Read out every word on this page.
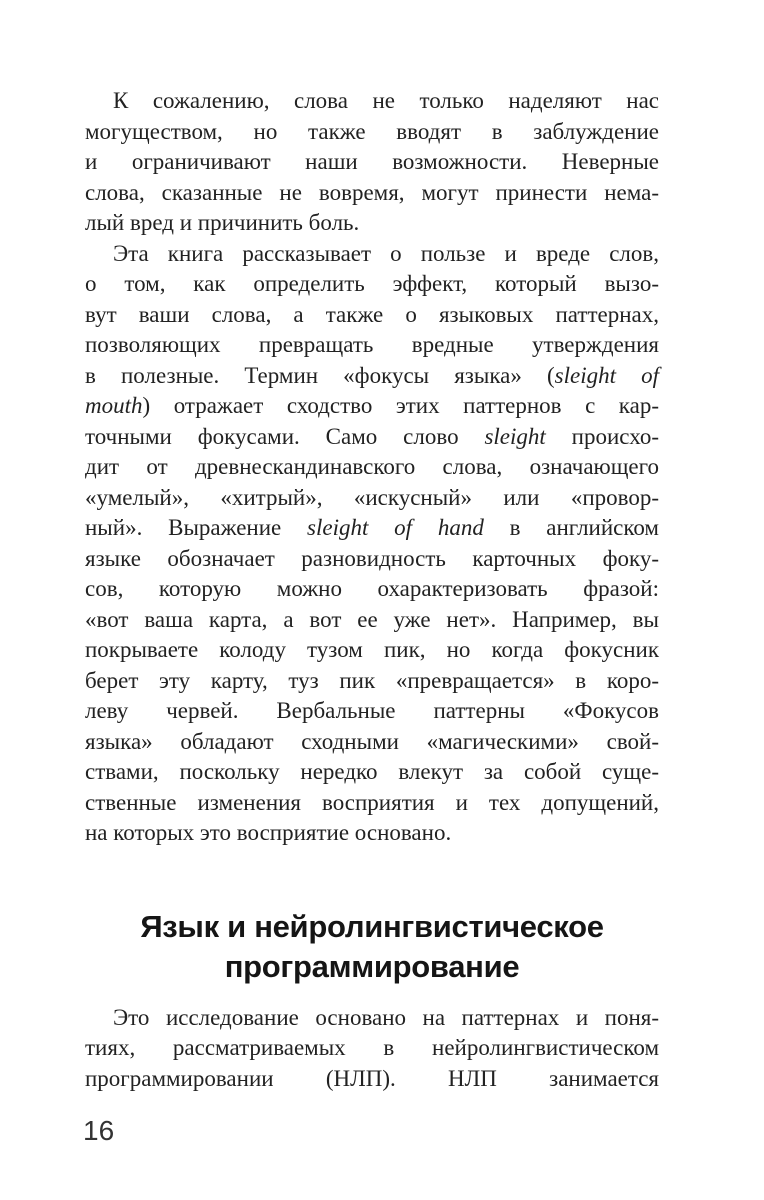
К сожалению, слова не только наделяют нас
могуществом, но также вводят в заблуждение
и ограничивают наши возможности. Неверные
слова, сказанные не вовремя, могут принести нема-
лый вред и причинить боль.
Эта книга рассказывает о пользе и вреде слов,
о том, как определить эффект, который вызо-
вут ваши слова, а также о языковых паттернах,
позволяющих превращать вредные утверждения
в полезные. Термин «фокусы языка» (sleight of
mouth) отражает сходство этих паттернов с кар-
точными фокусами. Само слово sleight происхо-
дит от древнескандинавского слова, означающего
«умелый», «хитрый», «искусный» или «провор-
ный». Выражение sleight of hand в английском
языке обозначает разновидность карточных фоку-
сов, которую можно охарактеризовать фразой:
«вот ваша карта, а вот ее уже нет». Например, вы
покрываете колоду тузом пик, но когда фокусник
берет эту карту, туз пик «превращается» в коро-
леву червей. Вербальные паттерны «Фокусов
языка» обладают сходными «магическими» свой-
ствами, поскольку нередко влекут за собой суще-
ственные изменения восприятия и тех допущений,
на которых это восприятие основано.
Язык и нейролингвистическое
программирование
Это исследование основано на паттернах и поня-
тиях, рассматриваемых в нейролингвистическом
программировании (НЛП). НЛП занимается
16
